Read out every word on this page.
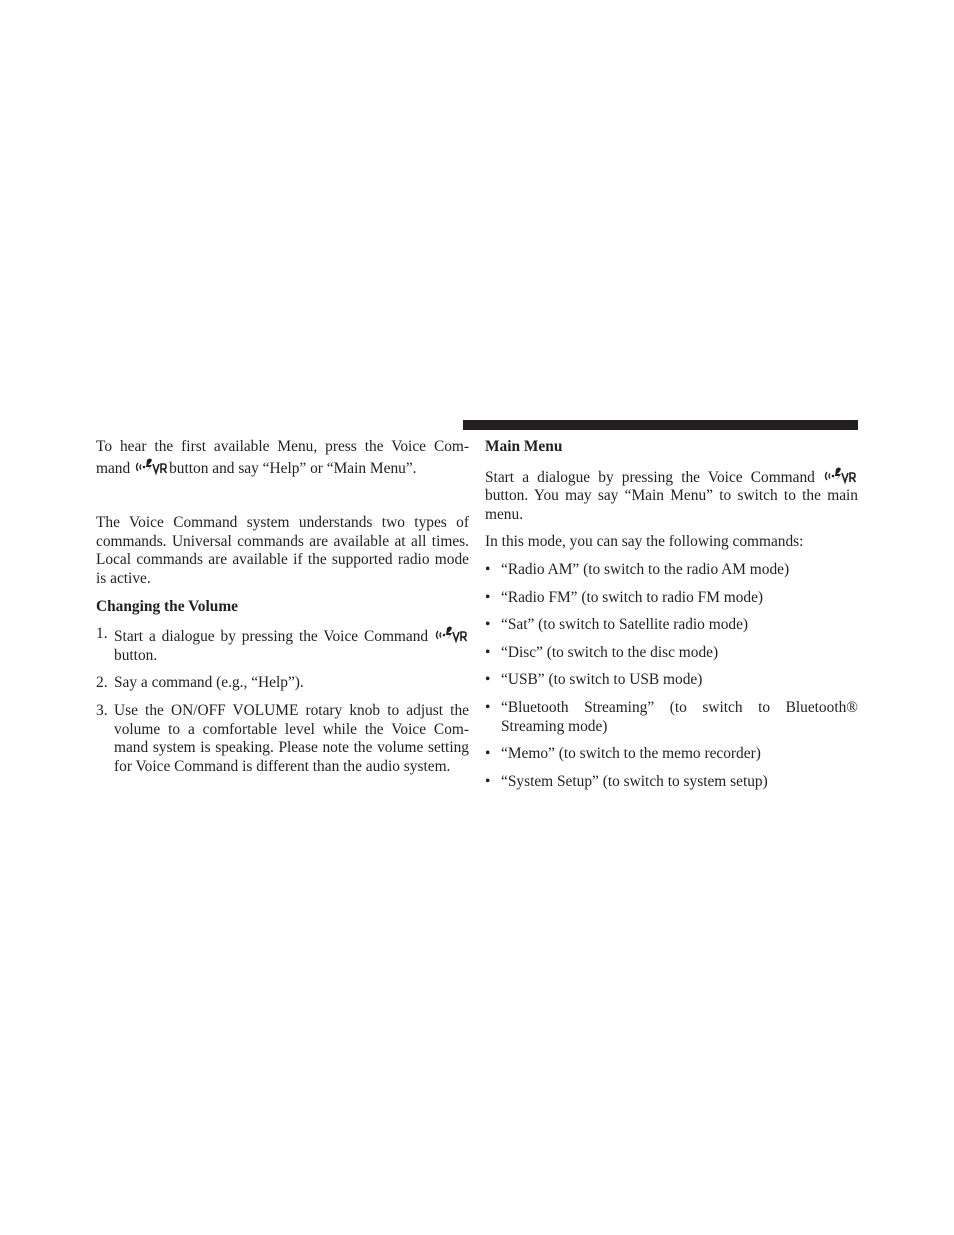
To hear the first available Menu, press the Voice Com- mand	button and say “Help” or “Main Menu”.

The Voice Command system understands two types of commands. Universal commands are available at all times. Local commands are available if the supported radio mode is active.

Changing the Volume
1. Start a dialogue by pressing the Voice Command
button.
2. Say a command (e.g., “Help”).
3. Use the ON/OFF VOLUME rotary knob to adjust the volume to a comfortable level while the Voice Com-mand system is speaking. Please note the volume setting for Voice Command is different than the audio system.
Main Menu

Start a dialogue by pressing the Voice Command
button. You may say “Main Menu” to switch to the main menu.

In this mode, you can say the following commands:

• “Radio AM” (to switch to the radio AM mode)
• “Radio FM” (to switch to radio FM mode)
• “Sat” (to switch to Satellite radio mode)
• “Disc” (to switch to the disc mode)
• “USB” (to switch to USB mode)
• “Bluetooth Streaming” (to switch to Bluetooth® Streaming mode)
• “Memo” (to switch to the memo recorder)
• “System Setup” (to switch to system setup)
